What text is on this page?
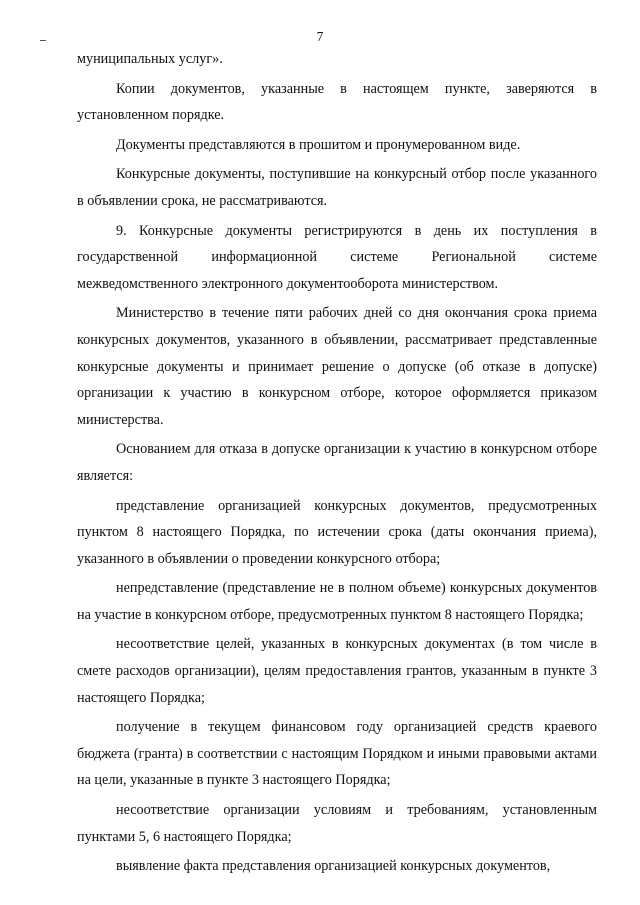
7

муниципальных услуг».

Копии документов, указанные в настоящем пункте, заверяются в установленном порядке.

Документы представляются в прошитом и пронумерованном виде.

Конкурсные документы, поступившие на конкурсный отбор после указанного в объявлении срока, не рассматриваются.

9. Конкурсные документы регистрируются в день их поступления в государственной информационной системе Региональной системе межведомственного электронного документооборота министерством.

Министерство в течение пяти рабочих дней со дня окончания срока приема конкурсных документов, указанного в объявлении, рассматривает представленные конкурсные документы и принимает решение о допуске (об отказе в допуске) организации к участию в конкурсном отборе, которое оформляется приказом министерства.

Основанием для отказа в допуске организации к участию в конкурсном отборе является:

представление организацией конкурсных документов, предусмотренных пунктом 8 настоящего Порядка, по истечении срока (даты окончания приема), указанного в объявлении о проведении конкурсного отбора;

непредставление (представление не в полном объеме) конкурсных документов на участие в конкурсном отборе, предусмотренных пунктом 8 настоящего Порядка;

несоответствие целей, указанных в конкурсных документах (в том числе в смете расходов организации), целям предоставления грантов, указанным в пункте 3 настоящего Порядка;

получение в текущем финансовом году организацией средств краевого бюджета (гранта) в соответствии с настоящим Порядком и иными правовыми актами на цели, указанные в пункте 3 настоящего Порядка;

несоответствие организации условиям и требованиям, установленным пунктами 5, 6 настоящего Порядка;

выявление факта представления организацией конкурсных документов,
